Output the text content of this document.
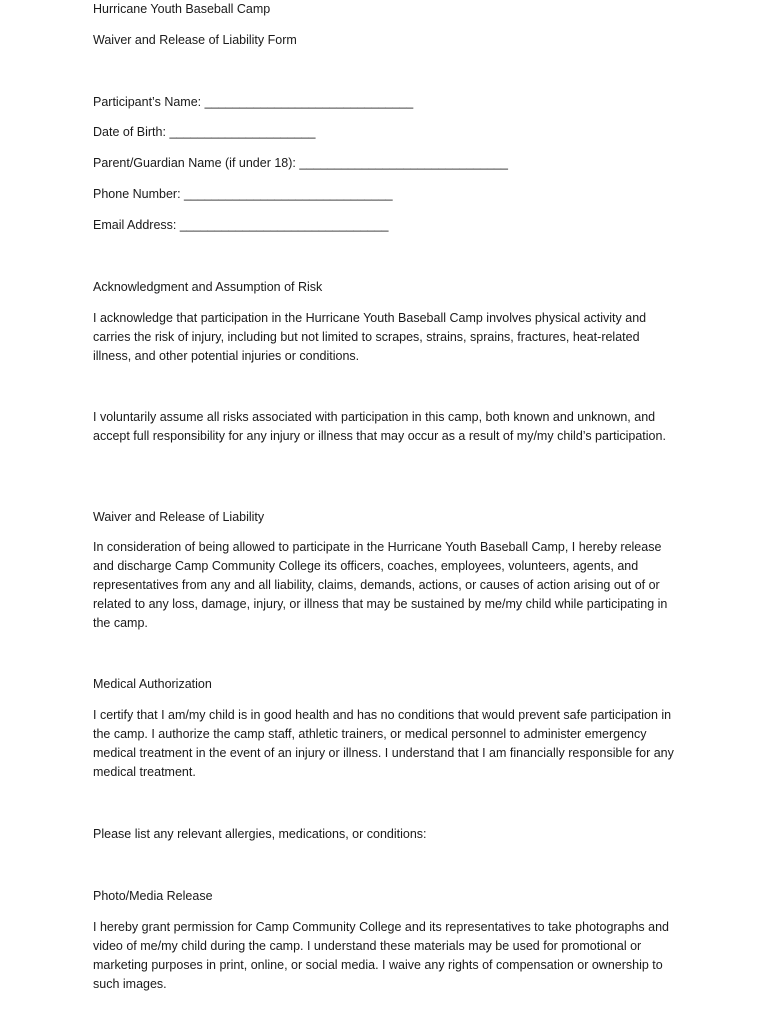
Hurricane Youth Baseball Camp
Waiver and Release of Liability Form
Participant’s Name: ______________________________
Date of Birth: _____________________
Parent/Guardian Name (if under 18): ______________________________
Phone Number: ______________________________
Email Address: ______________________________
Acknowledgment and Assumption of Risk
I acknowledge that participation in the Hurricane Youth Baseball Camp involves physical activity and carries the risk of injury, including but not limited to scrapes, strains, sprains, fractures, heat-related illness, and other potential injuries or conditions.
I voluntarily assume all risks associated with participation in this camp, both known and unknown, and accept full responsibility for any injury or illness that may occur as a result of my/my child’s participation.
Waiver and Release of Liability
In consideration of being allowed to participate in the Hurricane Youth Baseball Camp, I hereby release and discharge Camp Community College its officers, coaches, employees, volunteers, agents, and representatives from any and all liability, claims, demands, actions, or causes of action arising out of or related to any loss, damage, injury, or illness that may be sustained by me/my child while participating in the camp.
Medical Authorization
I certify that I am/my child is in good health and has no conditions that would prevent safe participation in the camp. I authorize the camp staff, athletic trainers, or medical personnel to administer emergency medical treatment in the event of an injury or illness. I understand that I am financially responsible for any medical treatment.
Please list any relevant allergies, medications, or conditions:
Photo/Media Release
I hereby grant permission for Camp Community College and its representatives to take photographs and video of me/my child during the camp. I understand these materials may be used for promotional or marketing purposes in print, online, or social media. I waive any rights of compensation or ownership to such images.
